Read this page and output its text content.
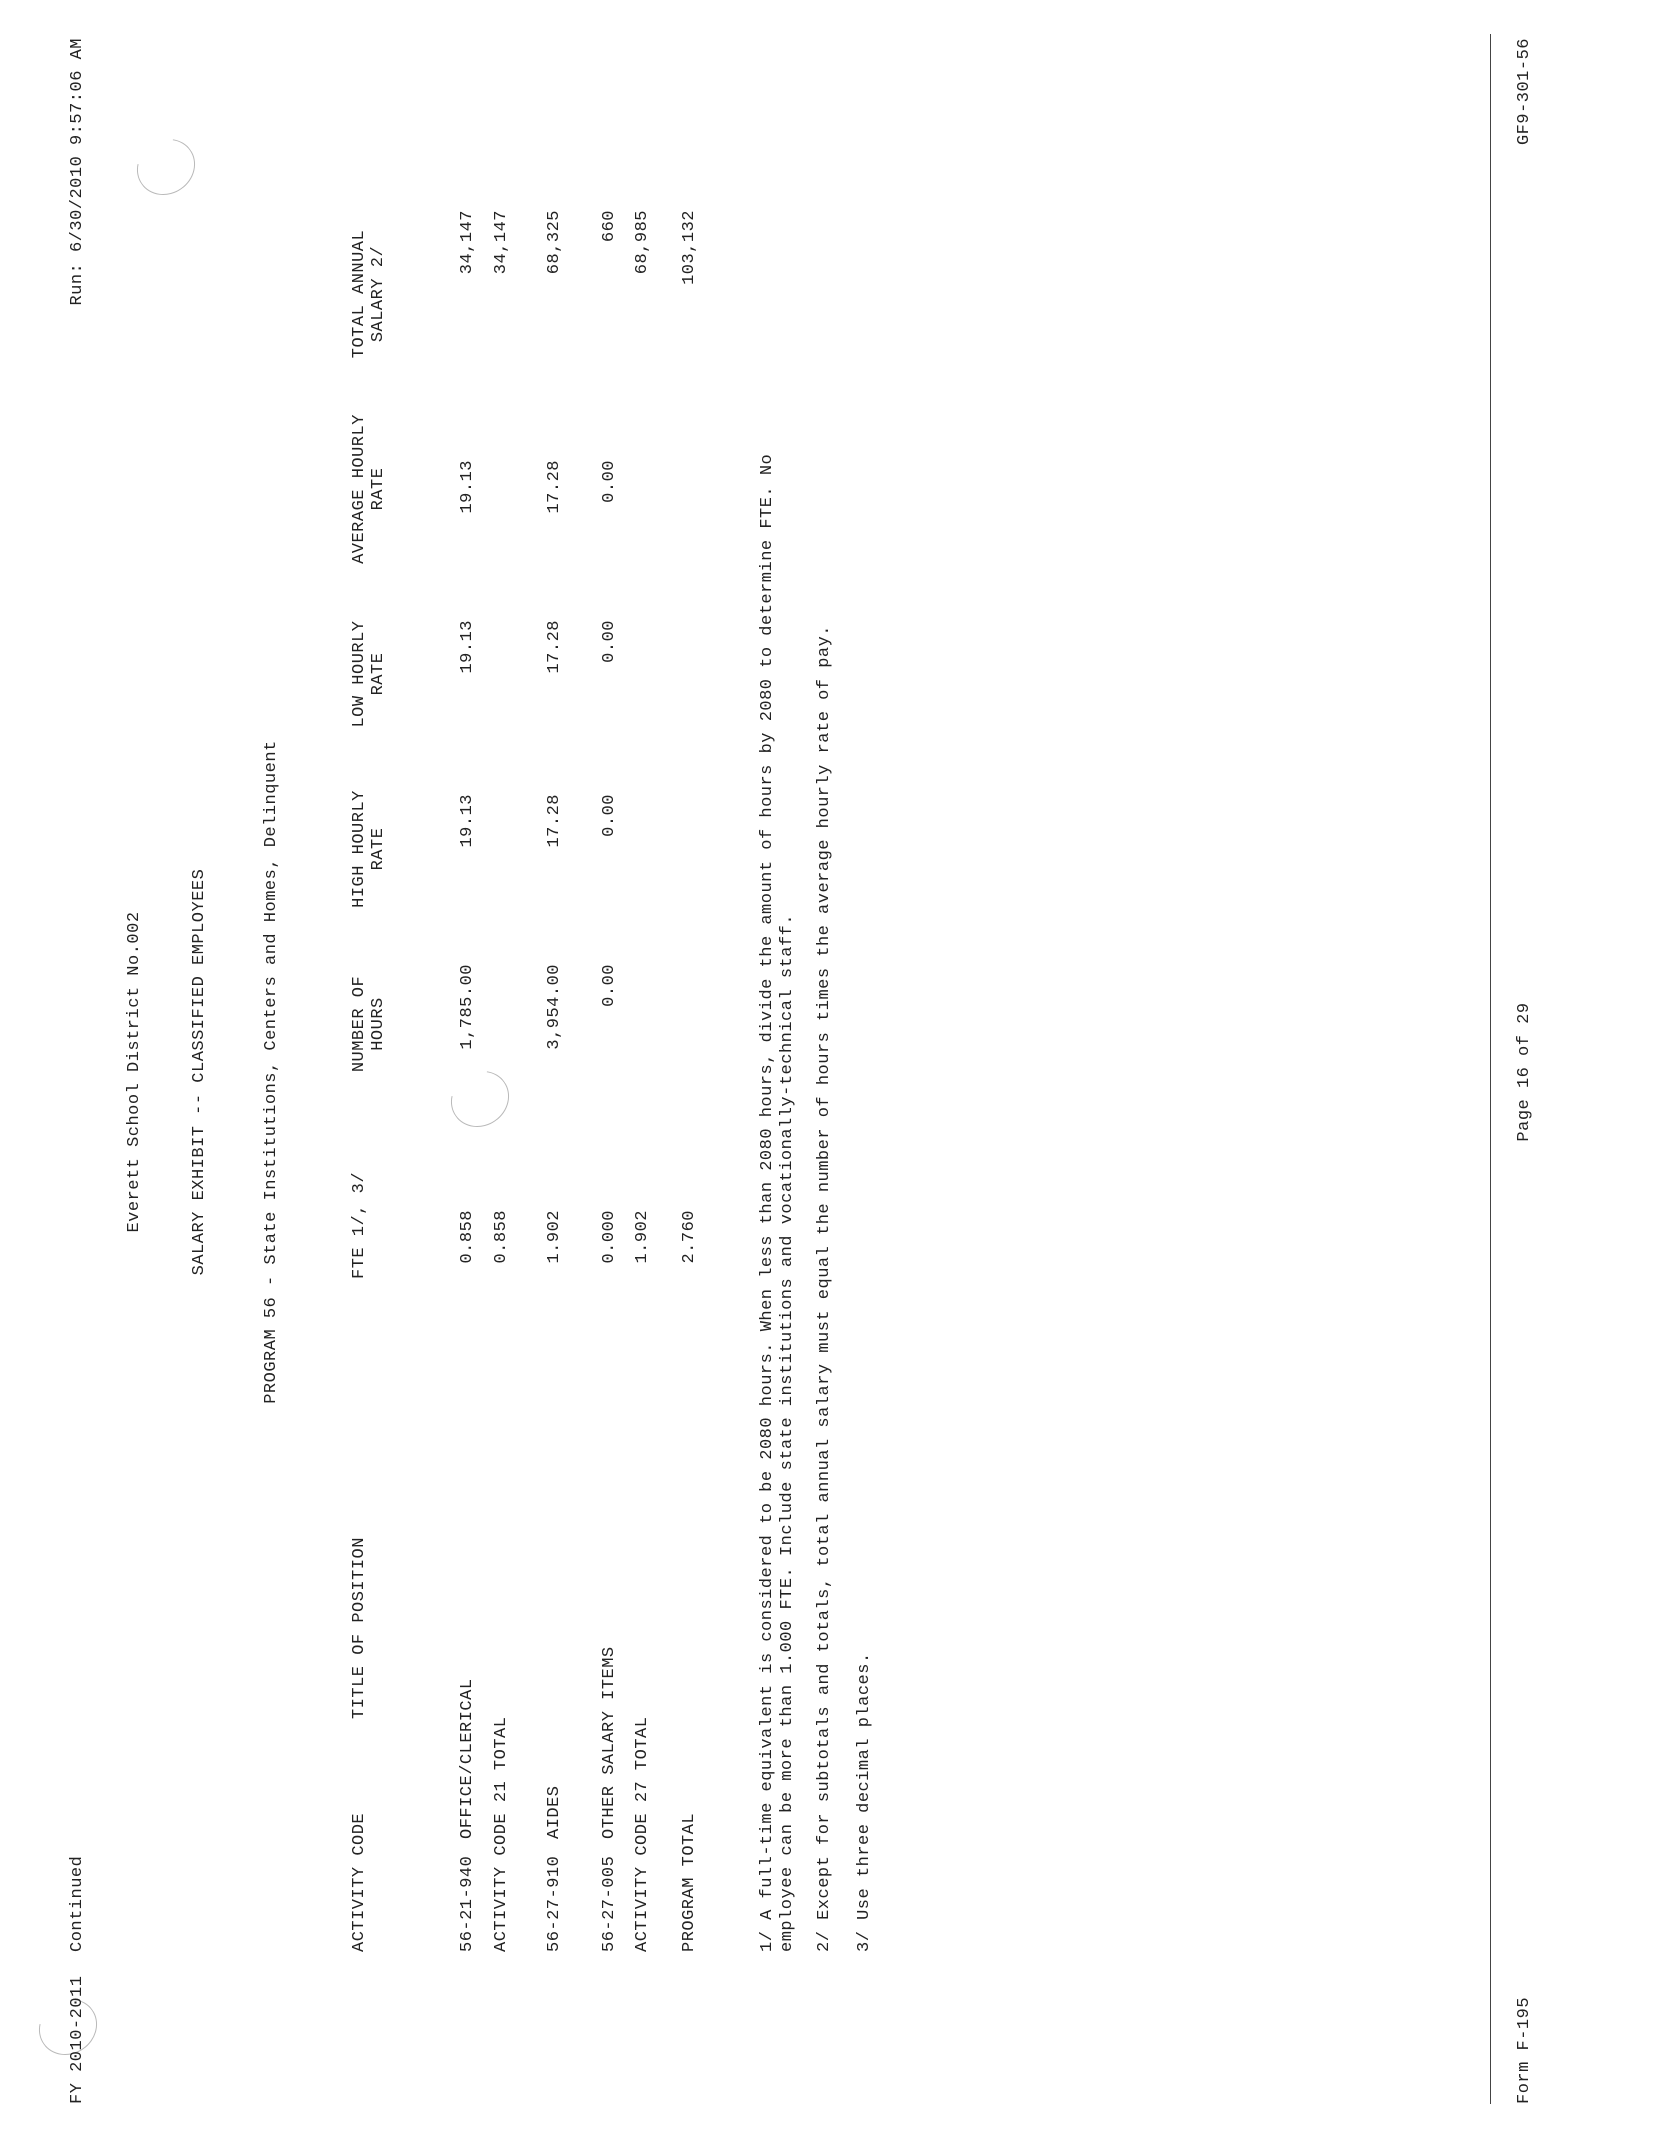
FY 2010-2011
Continued
Run: 6/30/2010 9:57:06 AM
Everett School District No.002	SALARY EXHIBIT -- CLASSIFIED EMPLOYEES	PROGRAM 56 - State Institutions, Centers and Homes, Delinquent
ACTIVITY CODE
TITLE OF POSITION
FTE 1/, 3/
NUMBER OF HOURS
HIGH HOURLY RATE
LOW HOURLY RATE
AVERAGE HOURLY RATE
TOTAL ANNUAL SALARY 2/
56-21-940
OFFICE/CLERICAL
0.858
1,785.00
19.13
19.13
19.13
34,147
ACTIVITY CODE 21 TOTAL
0.858
34,147
56-27-910
AIDES
1.902
3,954.00
17.28
17.28
17.28
68,325
56-27-005
OTHER SALARY ITEMS
0.000
0.00
0.00
0.00
0.00
660
ACTIVITY CODE 27 TOTAL
1.902
68,985
PROGRAM TOTAL
2.760
103,132
1/ A full-time equivalent is considered to be 2080 hours. When less than 2080 hours, divide the amount of hours by 2080 to determine FTE. No employee can be more than 1.000 FTE. Include state institutions and vocationally-technical staff. 2/ Except for subtotals and totals, total annual salary must equal the number of hours times the average hourly rate of pay. 3/ Use three decimal places.
Form F-195
Page 16 of 29
GF9-301-56
